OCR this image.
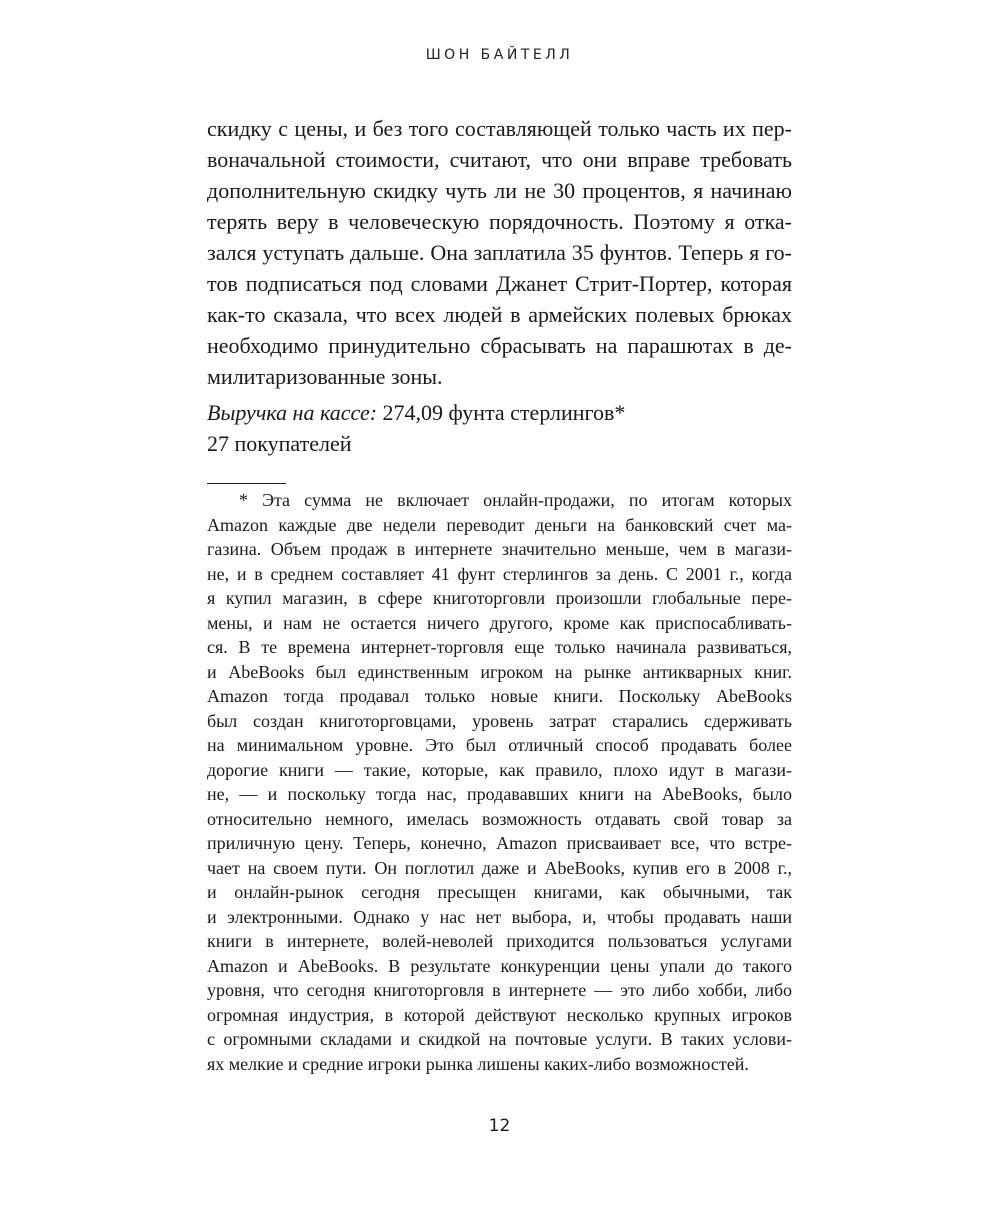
ШОН БАЙТЕЛЛ
скидку с цены, и без того составляющей только часть их пер-
воначальной стоимости, считают, что они вправе требовать
дополнительную скидку чуть ли не 30 процентов, я начинаю
терять веру в человеческую порядочность. Поэтому я отка-
зался уступать дальше. Она заплатила 35 фунтов. Теперь я го-
тов подписаться под словами Джанет Стрит-Портер, которая
как-то сказала, что всех людей в армейских полевых брюках
необходимо принудительно сбрасывать на парашютах в де-
милитаризованные зоны.
Выручка на кассе: 274,09 фунта стерлингов*
27 покупателей
* Эта сумма не включает онлайн-продажи, по итогам которых
Amazon каждые две недели переводит деньги на банковский счет ма-
газина. Объем продаж в интернете значительно меньше, чем в магази-
не, и в среднем составляет 41 фунт стерлингов за день. С 2001 г., когда
я купил магазин, в сфере книготорговли произошли глобальные пере-
мены, и нам не остается ничего другого, кроме как приспосабливать-
ся. В те времена интернет-торговля еще только начинала развиваться,
и AbeBooks был единственным игроком на рынке антикварных книг.
Amazon тогда продавал только новые книги. Поскольку AbeBooks
был создан книготорговцами, уровень затрат старались сдерживать
на минимальном уровне. Это был отличный способ продавать более
дорогие книги — такие, которые, как правило, плохо идут в магази-
не, — и поскольку тогда нас, продававших книги на AbeBooks, было
относительно немного, имелась возможность отдавать свой товар за
приличную цену. Теперь, конечно, Amazon присваивает все, что встре-
чает на своем пути. Он поглотил даже и AbeBooks, купив его в 2008 г.,
и онлайн-рынок сегодня пресыщен книгами, как обычными, так
и электронными. Однако у нас нет выбора, и, чтобы продавать наши
книги в интернете, волей-неволей приходится пользоваться услугами
Amazon и AbeBooks. В результате конкуренции цены упали до такого
уровня, что сегодня книготорговля в интернете — это либо хобби, либо
огромная индустрия, в которой действуют несколько крупных игроков
с огромными складами и скидкой на почтовые услуги. В таких услови-
ях мелкие и средние игроки рынка лишены каких-либо возможностей.
12
